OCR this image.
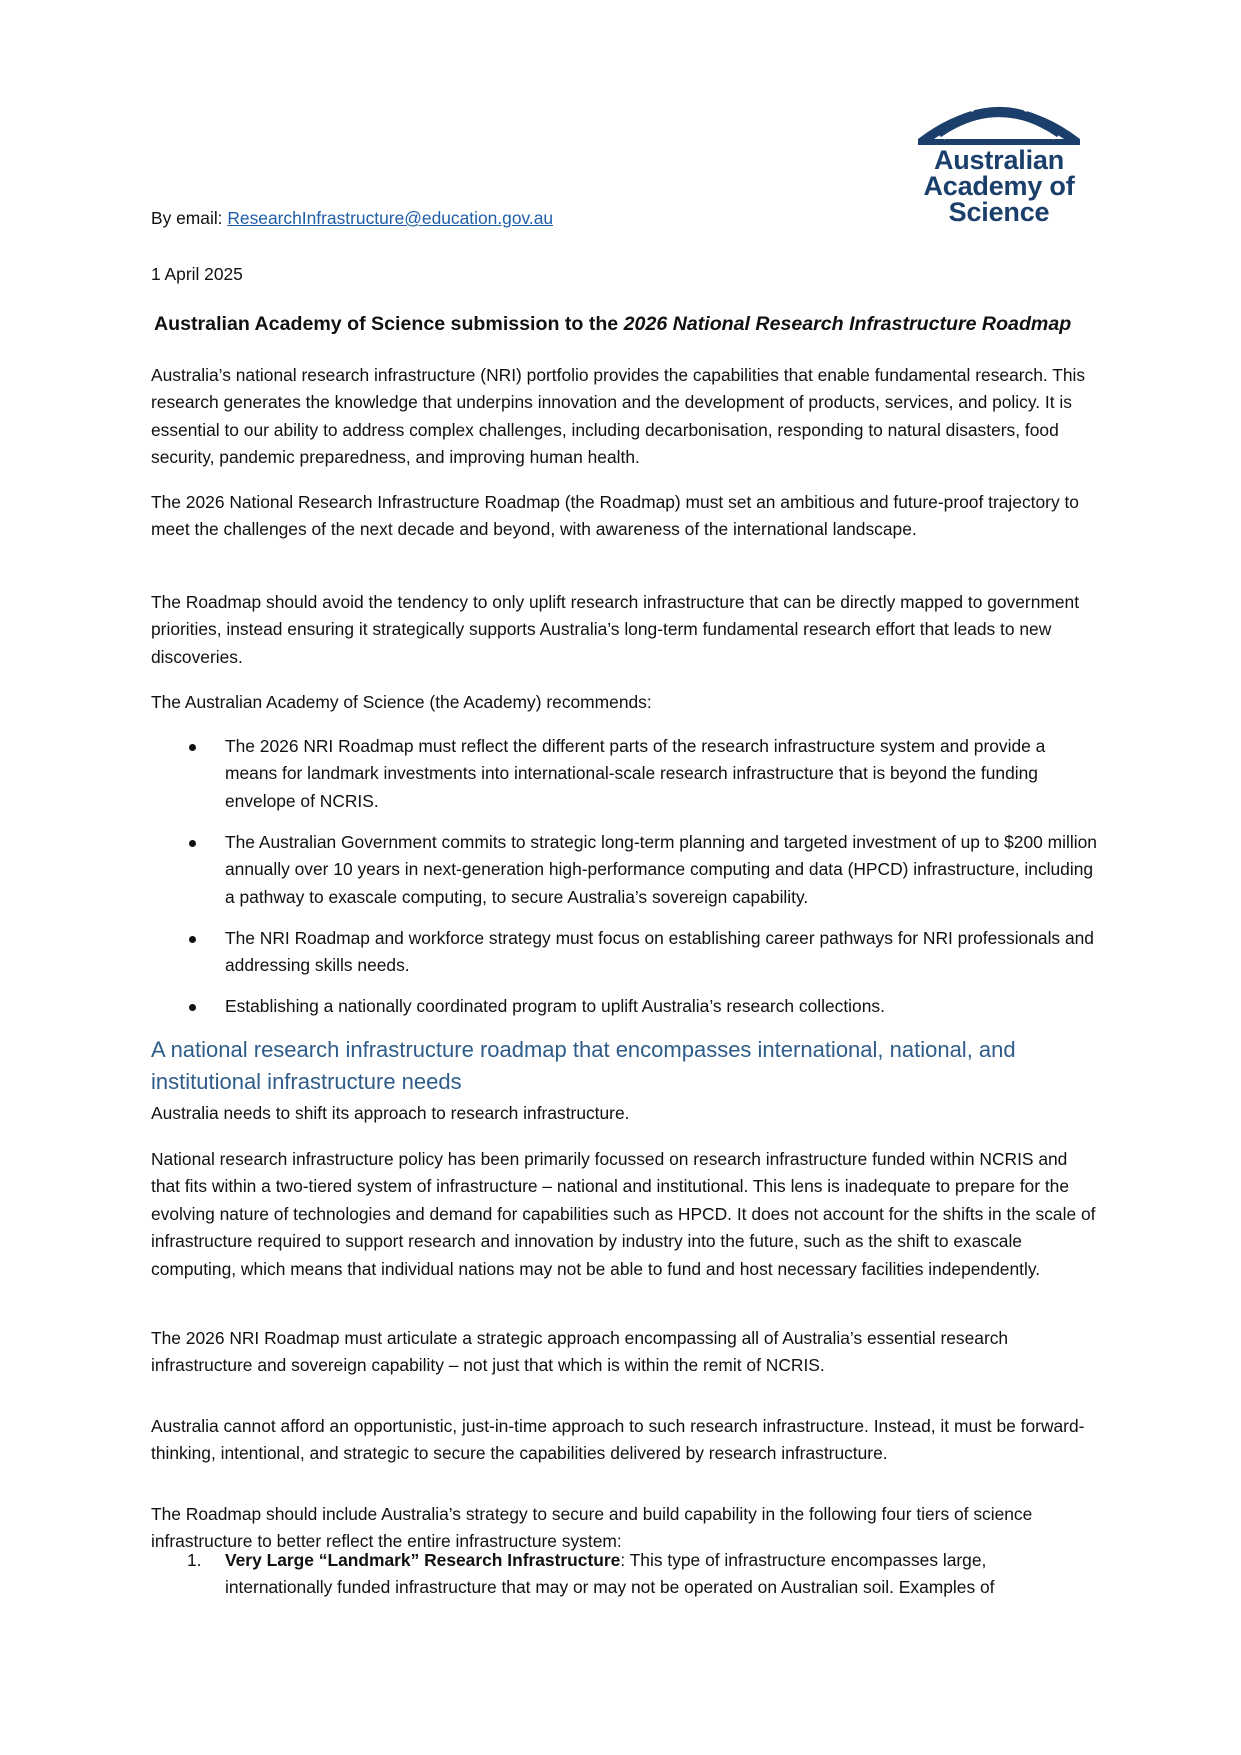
Australian
Academy of
Science

By email: ResearchInfrastructure@education.gov.au

1 April 2025

Australian Academy of Science submission to the 2026 National Research Infrastructure Roadmap

Australia’s national research infrastructure (NRI) portfolio provides the capabilities that enable fundamental research. This research generates the knowledge that underpins innovation and the development of products, services, and policy. It is essential to our ability to address complex challenges, including decarbonisation, responding to natural disasters, food security, pandemic preparedness, and improving human health.

The 2026 National Research Infrastructure Roadmap (the Roadmap) must set an ambitious and future-proof trajectory to meet the challenges of the next decade and beyond, with awareness of the international landscape.

The Roadmap should avoid the tendency to only uplift research infrastructure that can be directly mapped to government priorities, instead ensuring it strategically supports Australia’s long-term fundamental research effort that leads to new discoveries.

The Australian Academy of Science (the Academy) recommends:

The 2026 NRI Roadmap must reflect the different parts of the research infrastructure system and provide a means for landmark investments into international-scale research infrastructure that is beyond the funding envelope of NCRIS.
The Australian Government commits to strategic long-term planning and targeted investment of up to $200 million annually over 10 years in next-generation high-performance computing and data (HPCD) infrastructure, including a pathway to exascale computing, to secure Australia’s sovereign capability.
The NRI Roadmap and workforce strategy must focus on establishing career pathways for NRI professionals and addressing skills needs.
Establishing a nationally coordinated program to uplift Australia’s research collections.
A national research infrastructure roadmap that encompasses international, national, and institutional infrastructure needs

Australia needs to shift its approach to research infrastructure.

National research infrastructure policy has been primarily focussed on research infrastructure funded within NCRIS and that fits within a two-tiered system of infrastructure – national and institutional. This lens is inadequate to prepare for the evolving nature of technologies and demand for capabilities such as HPCD. It does not account for the shifts in the scale of infrastructure required to support research and innovation by industry into the future, such as the shift to exascale computing, which means that individual nations may not be able to fund and host necessary facilities independently.

The 2026 NRI Roadmap must articulate a strategic approach encompassing all of Australia’s essential research infrastructure and sovereign capability – not just that which is within the remit of NCRIS.

Australia cannot afford an opportunistic, just-in-time approach to such research infrastructure. Instead, it must be forward-thinking, intentional, and strategic to secure the capabilities delivered by research infrastructure.

The Roadmap should include Australia’s strategy to secure and build capability in the following four tiers of science infrastructure to better reflect the entire infrastructure system:

1. Very Large “Landmark” Research Infrastructure: This type of infrastructure encompasses large, internationally funded infrastructure that may or may not be operated on Australian soil. Examples of
